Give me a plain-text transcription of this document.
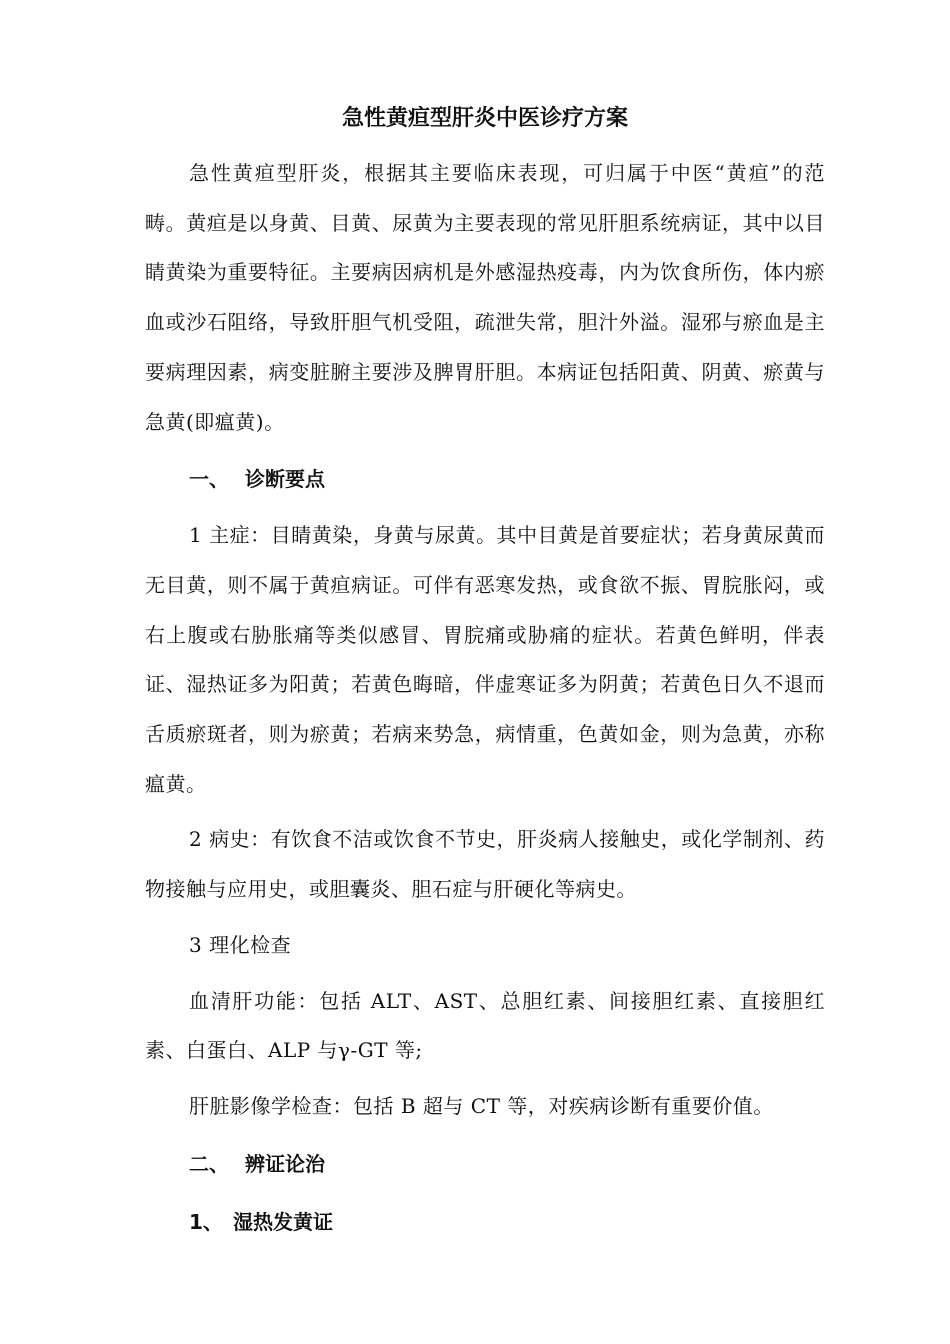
急性黄疸型肝炎中医诊疗方案

急性黄疸型肝炎，根据其主要临床表现，可归属于中医“黄疸”的范畴。黄疸是以身黄、目黄、尿黄为主要表现的常见肝胆系统病证，其中以目睛黄染为重要特征。主要病因病机是外感湿热疫毒，内为饮食所伤，体内瘀血或沙石阻络，导致肝胆气机受阻，疏泄失常，胆汁外溢。湿邪与瘀血是主要病理因素，病变脏腑主要涉及脾胃肝胆。本病证包括阳黄、阴黄、瘀黄与急黄(即瘟黄)。

一、 诊断要点

1 主症：目睛黄染，身黄与尿黄。其中目黄是首要症状；若身黄尿黄而无目黄，则不属于黄疸病证。可伴有恶寒发热，或食欲不振、胃脘胀闷，或右上腹或右胁胀痛等类似感冒、胃脘痛或胁痛的症状。若黄色鲜明，伴表证、湿热证多为阳黄；若黄色晦暗，伴虚寒证多为阴黄；若黄色日久不退而舌质瘀斑者，则为瘀黄；若病来势急，病情重，色黄如金，则为急黄，亦称瘟黄。

2 病史：有饮食不洁或饮食不节史，肝炎病人接触史，或化学制剂、药物接触与应用史，或胆囊炎、胆石症与肝硬化等病史。

3 理化检查

血清肝功能：包括 ALT、AST、总胆红素、间接胆红素、直接胆红素、白蛋白、ALP 与γ-GT 等;

肝脏影像学检查：包括 B 超与 CT 等，对疾病诊断有重要价值。

二、 辨证论治
1、 湿热发黄证
